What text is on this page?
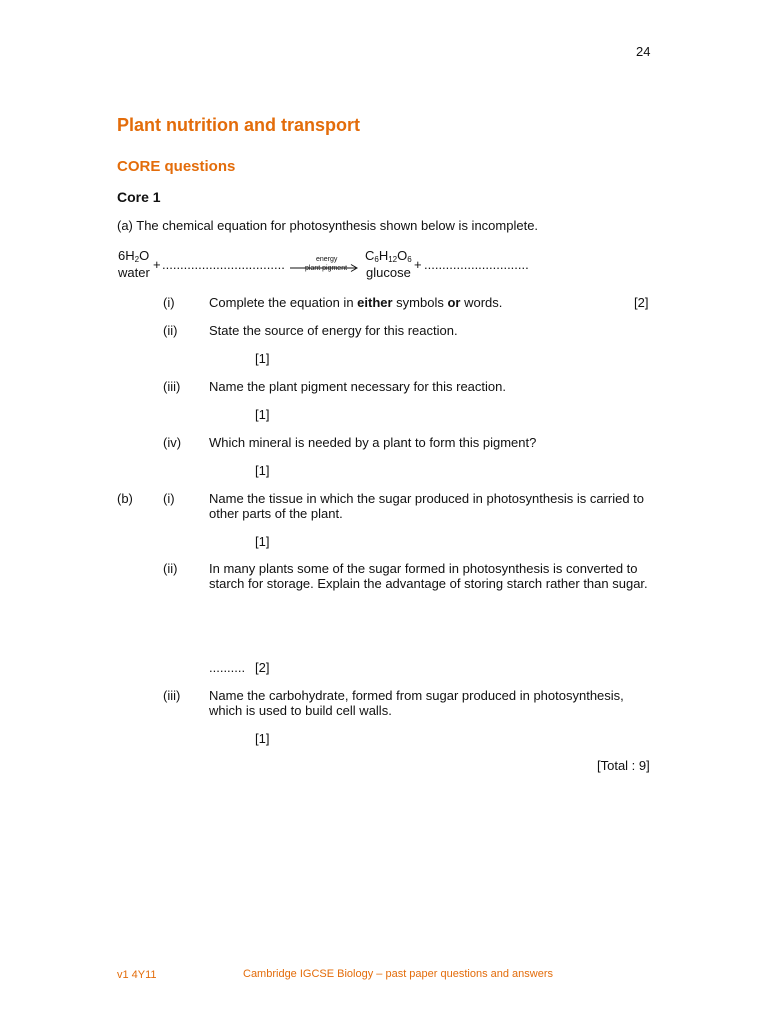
24
Plant nutrition and transport
CORE questions
Core 1
(a) The chemical equation for photosynthesis shown below is incomplete.
$6H_2O$
water
+ ..................................	energy
plant pigment
$C_6H_{12}O_6$
glucose
+ .............................
(i)	Complete the equation in either symbols or words.	[2]
(ii) State the source of energy for this reaction.
[1]
(iii) Name the plant pigment necessary for this reaction.
[1]
(iv) Which mineral is needed by a plant to form this pigment?
[1]
(b) (i)	Name the tissue in which the sugar produced in photosynthesis is carried to
other parts of the plant.
[1]
(ii) In many plants some of the sugar formed in photosynthesis is converted to
starch for storage. Explain the advantage of storing starch rather than sugar.
.......... [2]
(iii) Name the carbohydrate, formed from sugar produced in photosynthesis,
which is used to build cell walls.
[1]
[Total : 9]
v1 4Y11	Cambridge IGCSE Biology – past paper questions and answers
